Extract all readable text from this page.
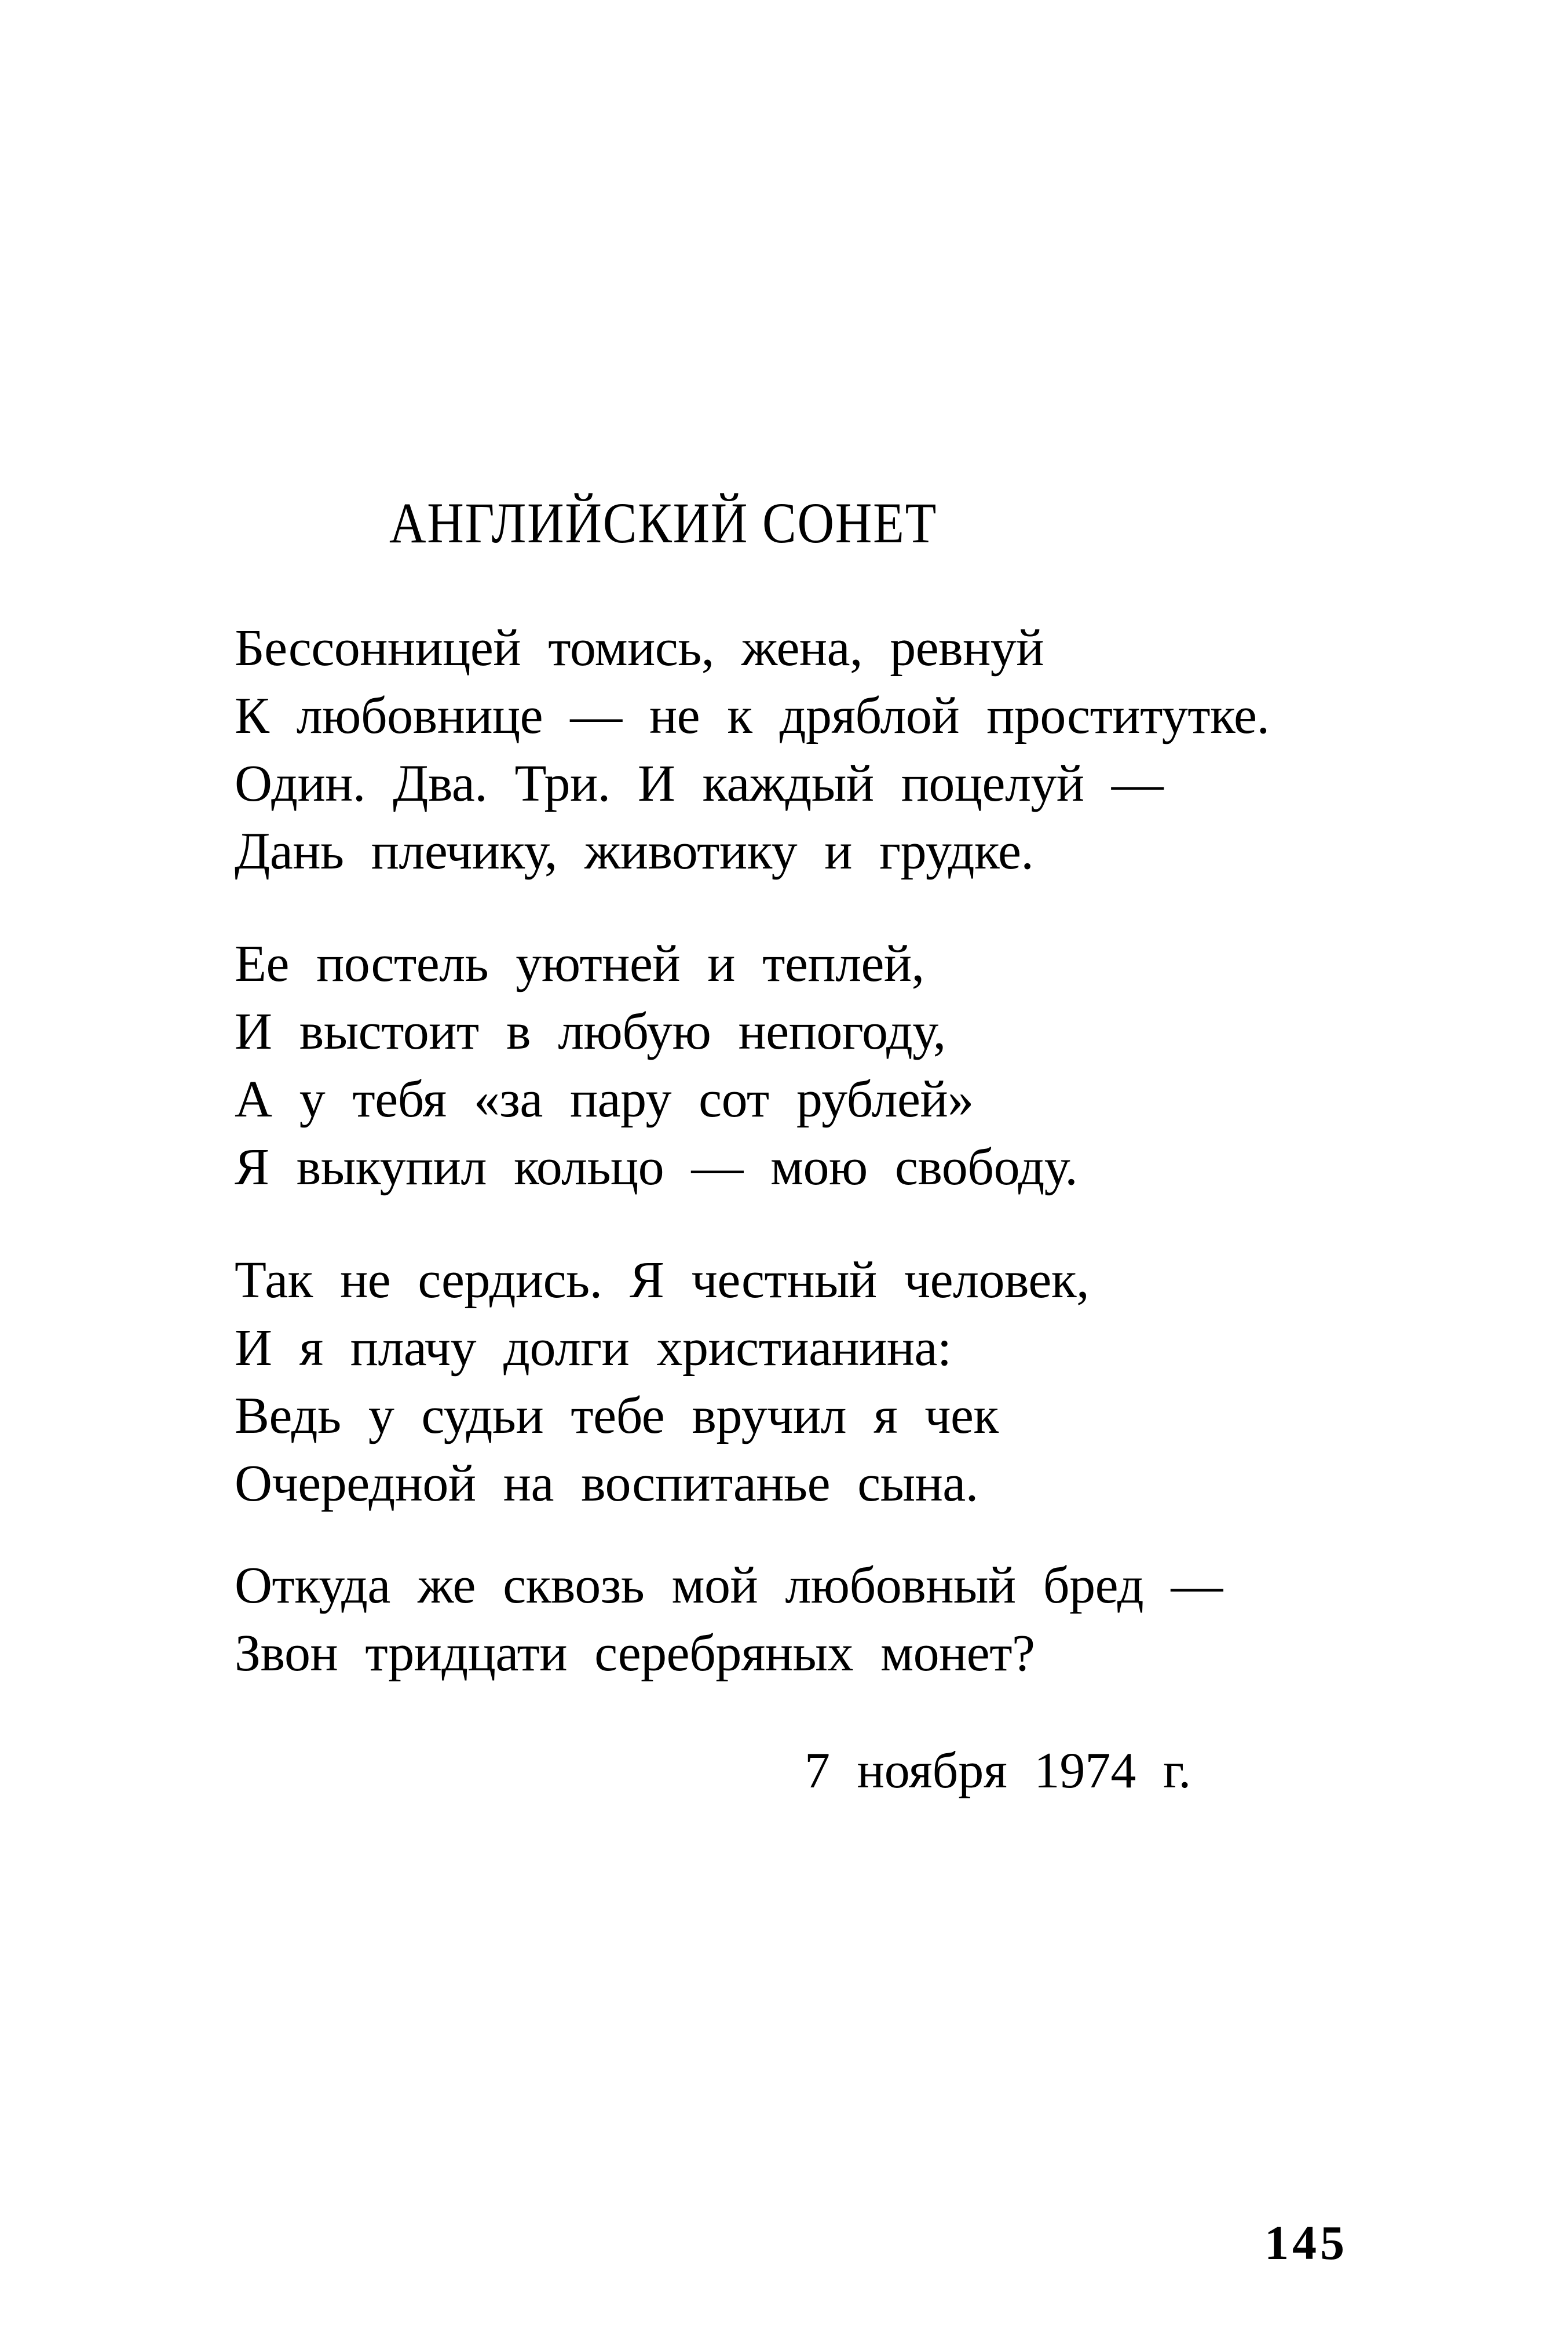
АНГЛИЙСКИЙ СОНЕТ
Бессонницей томись, жена, ревнуй
К любовнице — не к дряблой проститутке.
Один. Два. Три. И каждый поцелуй —
Дань плечику, животику и грудке.
Ее постель уютней и теплей,
И выстоит в любую непогоду,
А у тебя «за пару сот рублей»
Я выкупил кольцо — мою свободу.
Так не сердись. Я честный человек,
И я плачу долги христианина:
Ведь у судьи тебе вручил я чек
Очередной на воспитанье сына.
Откуда же сквозь мой любовный бред —
Звон тридцати серебряных монет?
7 ноября 1974 г.
145
